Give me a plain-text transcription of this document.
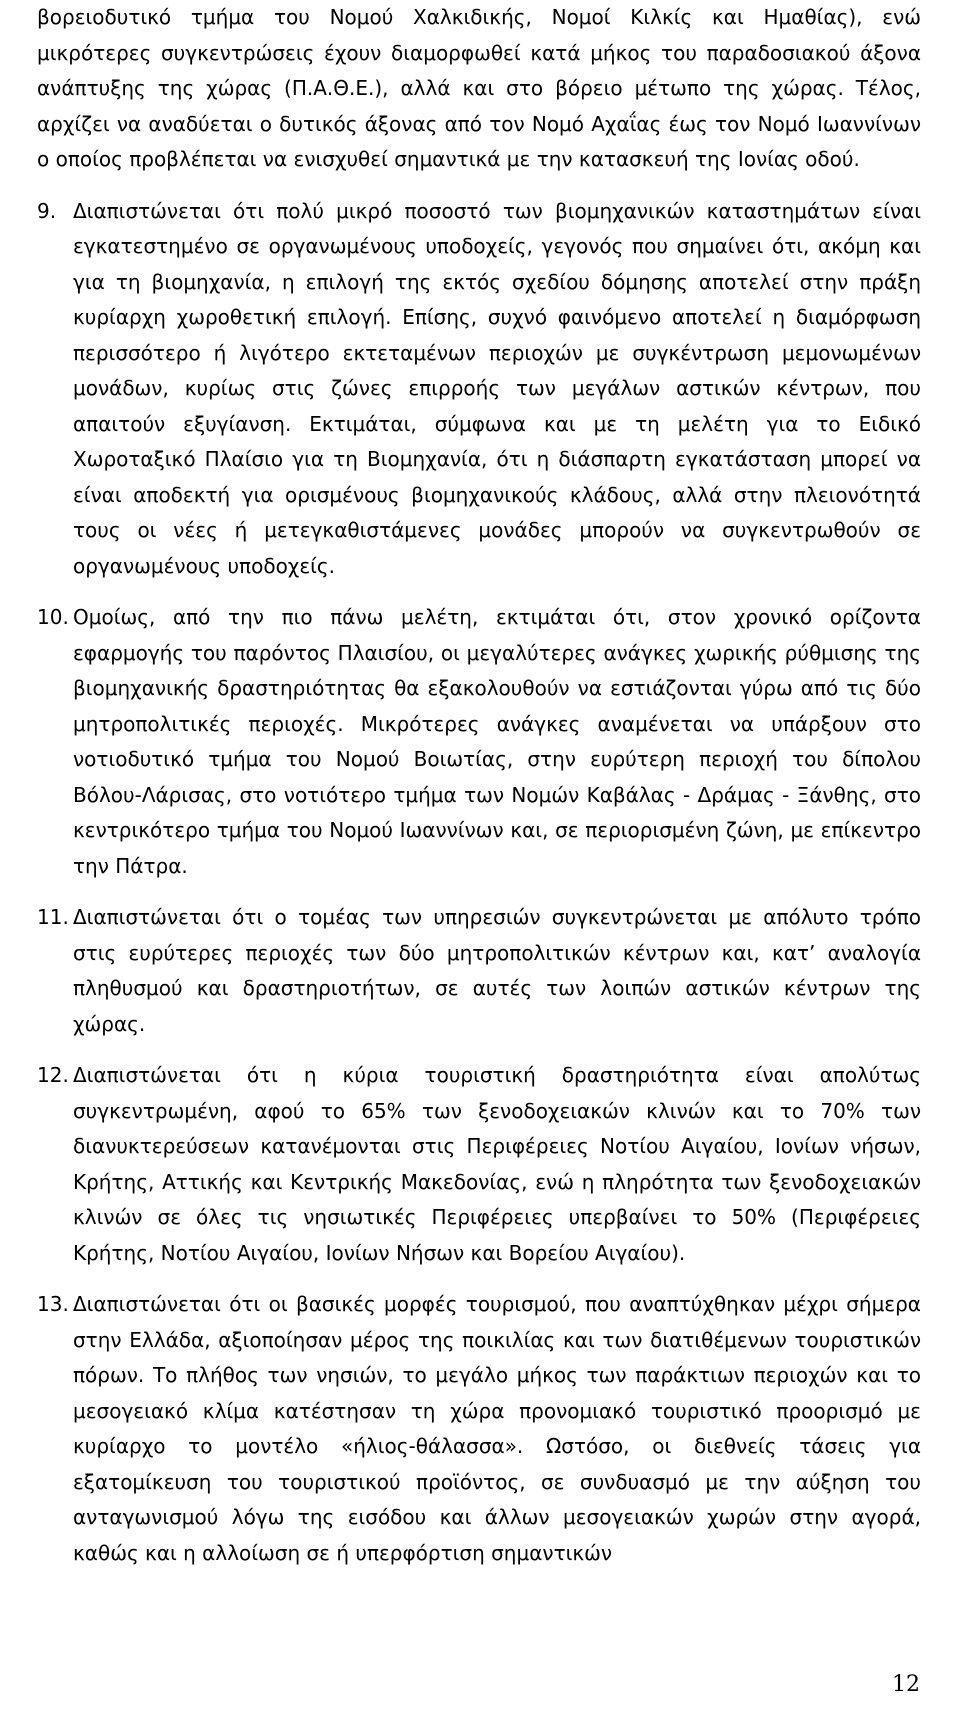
βορειοδυτικό τμήμα του Νομού Χαλκιδικής, Νομοί Κιλκίς και Ημαθίας), ενώ μικρότερες συγκεντρώσεις έχουν διαμορφωθεί κατά μήκος του παραδοσιακού άξονα ανάπτυξης της χώρας (Π.Α.Θ.Ε.), αλλά και στο βόρειο μέτωπο της χώρας. Τέλος, αρχίζει να αναδύεται ο δυτικός άξονας από τον Νομό Αχαΐας έως τον Νομό Ιωαννίνων ο οποίος προβλέπεται να ενισχυθεί σημαντικά με την κατασκευή της Ιονίας οδού.

9. Διαπιστώνεται ότι πολύ μικρό ποσοστό των βιομηχανικών καταστημάτων είναι εγκατεστημένο σε οργανωμένους υποδοχείς, γεγονός που σημαίνει ότι, ακόμη και για τη βιομηχανία, η επιλογή της εκτός σχεδίου δόμησης αποτελεί στην πράξη κυρίαρχη χωροθετική επιλογή. Επίσης, συχνό φαινόμενο αποτελεί η διαμόρφωση περισσότερο ή λιγότερο εκτεταμένων περιοχών με συγκέντρωση μεμονωμένων μονάδων, κυρίως στις ζώνες επιρροής των μεγάλων αστικών κέντρων, που απαιτούν εξυγίανση. Εκτιμάται, σύμφωνα και με τη μελέτη για το Ειδικό Χωροταξικό Πλαίσιο για τη Βιομηχανία, ότι η διάσπαρτη εγκατάσταση μπορεί να είναι αποδεκτή για ορισμένους βιομηχανικούς κλάδους, αλλά στην πλειονότητά τους οι νέες ή μετεγκαθιστάμενες μονάδες μπορούν να συγκεντρωθούν σε οργανωμένους υποδοχείς.
10. Ομοίως, από την πιο πάνω μελέτη, εκτιμάται ότι, στον χρονικό ορίζοντα εφαρμογής του παρόντος Πλαισίου, οι μεγαλύτερες ανάγκες χωρικής ρύθμισης της βιομηχανικής δραστηριότητας θα εξακολουθούν να εστιάζονται γύρω από τις δύο μητροπολιτικές περιοχές. Μικρότερες ανάγκες αναμένεται να υπάρξουν στο νοτιοδυτικό τμήμα του Νομού Βοιωτίας, στην ευρύτερη περιοχή του δίπολου Βόλου-Λάρισας, στο νοτιότερο τμήμα των Νομών Καβάλας - Δράμας - Ξάνθης, στο κεντρικότερο τμήμα του Νομού Ιωαννίνων και, σε περιορισμένη ζώνη, με επίκεντρο την Πάτρα.
11. Διαπιστώνεται ότι ο τομέας των υπηρεσιών συγκεντρώνεται με απόλυτο τρόπο στις ευρύτερες περιοχές των δύο μητροπολιτικών κέντρων και, κατ’ αναλογία πληθυσμού και δραστηριοτήτων, σε αυτές των λοιπών αστικών κέντρων της χώρας.
12. Διαπιστώνεται ότι η κύρια τουριστική δραστηριότητα είναι απολύτως συγκεντρωμένη, αφού το 65% των ξενοδοχειακών κλινών και το 70% των διανυκτερεύσεων κατανέμονται στις Περιφέρειες Νοτίου Αιγαίου, Ιονίων νήσων, Κρήτης, Αττικής και Κεντρικής Μακεδονίας, ενώ η πληρότητα των ξενοδοχειακών κλινών σε όλες τις νησιωτικές Περιφέρειες υπερβαίνει το 50% (Περιφέρειες Κρήτης, Νοτίου Αιγαίου, Ιονίων Νήσων και Βορείου Αιγαίου).
13. Διαπιστώνεται ότι οι βασικές μορφές τουρισμού, που αναπτύχθηκαν μέχρι σήμερα στην Ελλάδα, αξιοποίησαν μέρος της ποικιλίας και των διατιθέμενων τουριστικών πόρων. Το πλήθος των νησιών, το μεγάλο μήκος των παράκτιων περιοχών και το μεσογειακό κλίμα κατέστησαν τη χώρα προνομιακό τουριστικό προορισμό με κυρίαρχο το μοντέλο «ήλιος-θάλασσα». Ωστόσο, οι διεθνείς τάσεις για εξατομίκευση του τουριστικού προϊόντος, σε συνδυασμό με την αύξηση του ανταγωνισμού λόγω της εισόδου και άλλων μεσογειακών χωρών στην αγορά, καθώς και η αλλοίωση σε ή υπερφόρτιση σημαντικών
12
